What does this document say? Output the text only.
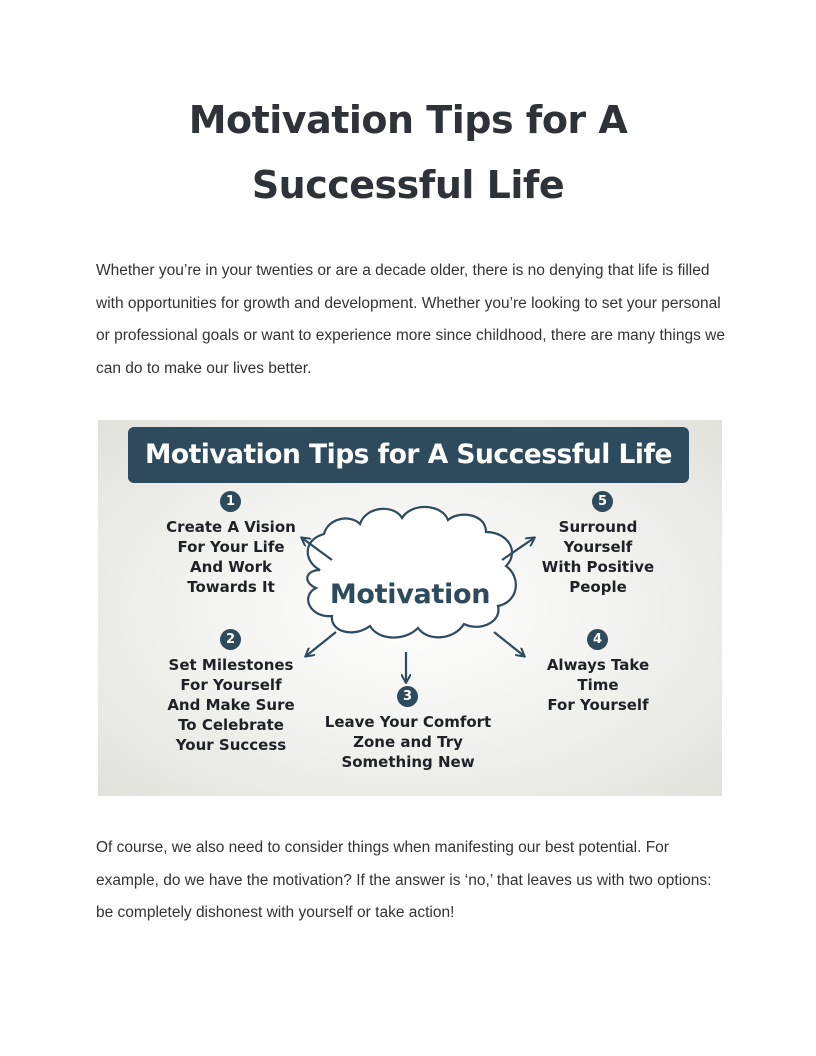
Motivation Tips for A
Successful Life

Whether you’re in your twenties or are a decade older, there is no denying that life is filled with opportunities for growth and development. Whether you’re looking to set your personal or professional goals or want to experience more since childhood, there are many things we can do to make our lives better.

Motivation Tips for A Successful Life
Motivation
1
Create A Vision
For Your Life
And Work
Towards It
2
Set Milestones
For Yourself
And Make Sure
To Celebrate
Your Success
3
Leave Your Comfort
Zone and Try
Something New
4
Always Take
Time
For Yourself
5
Surround
Yourself
With Positive
People

Of course, we also need to consider things when manifesting our best potential. For example, do we have the motivation? If the answer is ‘no,’ that leaves us with two options: be completely dishonest with yourself or take action!
